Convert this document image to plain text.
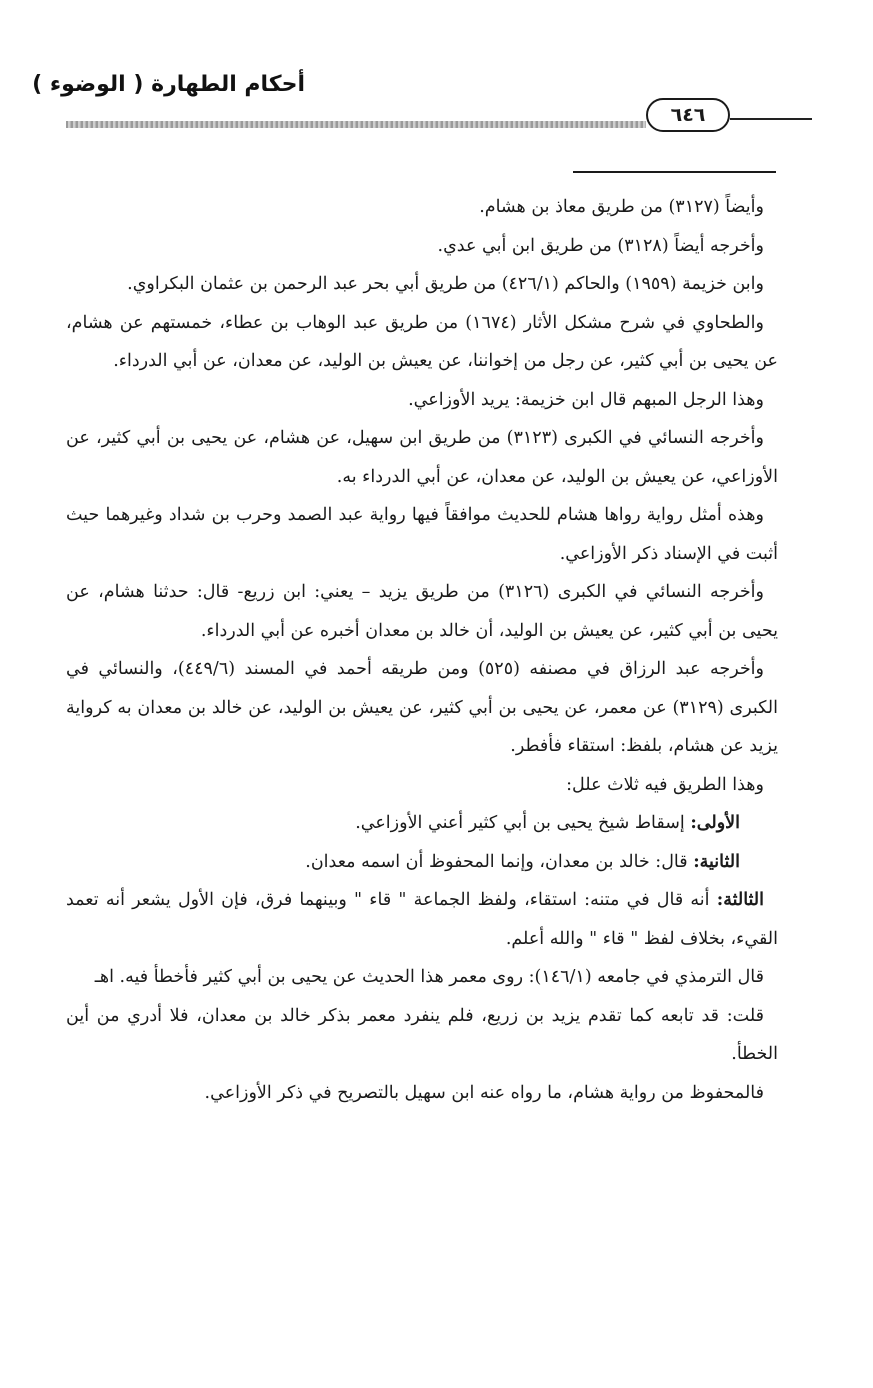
أحكام الطهارة ( الوضوء )
٦٤٦

وأيضاً (٣١٢٧) من طريق معاذ بن هشام.

وأخرجه أيضاً (٣١٢٨) من طريق ابن أبي عدي.

وابن خزيمة (١٩٥٩) والحاكم (٤٢٦/١) من طريق أبي بحر عبد الرحمن بن عثمان البكراوي.

والطحاوي في شرح مشكل الأثار (١٦٧٤) من طريق عبد الوهاب بن عطاء، خمستهم عن هشام، عن يحيى بن أبي كثير، عن رجل من إخواننا، عن يعيش بن الوليد، عن معدان، عن أبي الدرداء.

وهذا الرجل المبهم قال ابن خزيمة: يريد الأوزاعي.

وأخرجه النسائي في الكبرى (٣١٢٣) من طريق ابن سهيل، عن هشام، عن يحيى بن أبي كثير، عن الأوزاعي، عن يعيش بن الوليد، عن معدان، عن أبي الدرداء به.

وهذه أمثل رواية رواها هشام للحديث موافقاً فيها رواية عبد الصمد وحرب بن شداد وغيرهما حيث أثبت في الإسناد ذكر الأوزاعي.

وأخرجه النسائي في الكبرى (٣١٢٦) من طريق يزيد – يعني: ابن زريع- قال: حدثنا هشام، عن يحيى بن أبي كثير، عن يعيش بن الوليد، أن خالد بن معدان أخبره عن أبي الدرداء.

وأخرجه عبد الرزاق في مصنفه (٥٢٥) ومن طريقه أحمد في المسند (٤٤٩/٦)، والنسائي في الكبرى (٣١٢٩) عن معمر، عن يحيى بن أبي كثير، عن يعيش بن الوليد، عن خالد بن معدان به كرواية يزيد عن هشام، بلفظ: استقاء فأفطر.

وهذا الطريق فيه ثلاث علل:

الأولى: إسقاط شيخ يحيى بن أبي كثير أعني الأوزاعي.

الثانية: قال: خالد بن معدان، وإنما المحفوظ أن اسمه معدان.

الثالثة: أنه قال في متنه: استقاء، ولفظ الجماعة " قاء " وبينهما فرق، فإن الأول يشعر أنه تعمد القيء، بخلاف لفظ " قاء " والله أعلم.

قال الترمذي في جامعه (١٤٦/١): روى معمر هذا الحديث عن يحيى بن أبي كثير فأخطأ فيه. اهـ

قلت: قد تابعه كما تقدم يزيد بن زريع، فلم ينفرد معمر بذكر خالد بن معدان، فلا أدري من أين الخطأ.

فالمحفوظ من رواية هشام، ما رواه عنه ابن سهيل بالتصريح في ذكر الأوزاعي.
